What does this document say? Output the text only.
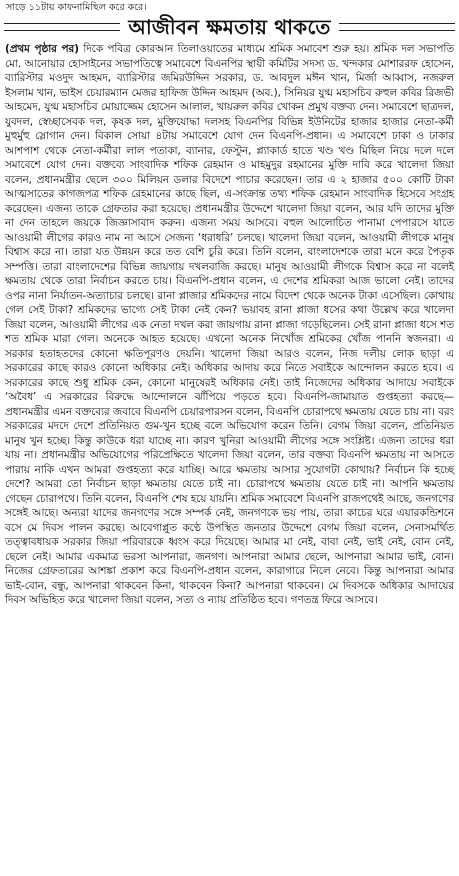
সাড়ে ১১টায় কাফনামিছিল করে করে।
আজীবন ক্ষমতায় থাকতে

(প্রথম পৃষ্ঠার পর) দিকে পবিত্র কোরআন তিলাওয়াতের মাধ্যমে শ্রমিক সমাবেশ শুরু হয়। শ্রমিক দল সভাপতি মো. আনোয়ার হোসাইনের সভাপতিত্বে সমাবেশে বিএনপির স্থায়ী কমিটির সদস্য ড. খন্দকার মোশাররফ হোসেন, ব্যারিস্টার মওদুদ আহমদ, ব্যারিস্টার জমিরউদ্দিন সরকার, ড. আবদুল মঈন খান, মির্জা আব্বাস, নজরুল ইসলাম খান, ভাইস চেয়ারম্যান মেজর হাফিজ উদ্দিন আহমদ (অব.), সিনিয়র যুগ্ম মহাসচিব রুহুল কবির রিজভী আহমেদ, যুগ্ম মহাসচিব মোয়াজ্জেম হোসেন আলাল, খায়রুল কবির খোকন প্রমুখ বক্তব্য দেন। সমাবেশে ছাত্রদল, যুবদল, স্বেচ্ছাসেবক দল, কৃষক দল, মুক্তিযোদ্ধা দলসহ বিএনপির বিভিন্ন ইউনিটের হাজার হাজার নেতা-কর্মী মুহুর্মুহু স্লোগান দেন। বিকাল সোয়া ৪টায় সমাবেশে যোগ দেন বিএনপি-প্রধান। এ সমাবেশে ঢাকা ও ঢাকার আশপাশ থেকে নেতা-কর্মীরা লাল পতাকা, ব্যানার, ফেস্টুন, প্ল্যাকার্ড হাতে খণ্ড খণ্ড মিছিল নিয়ে দলে দলে সমাবেশে যোগ দেন। বক্তব্যে সাংবাদিক শফিক রেহমান ও মাহমুদুর রহমানের মুক্তি দাবি করে খালেদা জিয়া বলেন, প্রধানমন্ত্রীর ছেলে ৩০০ মিলিয়ন ডলার বিদেশে পাচার করেছেন। তার এ ২ হাজার ৫০০ কোটি টাকা আত্মসাতের কাগজপত্র শফিক রেহমানের কাছে ছিল, এ-সংক্রান্ত তথ্য শফিক রেহমান সাংবাদিক হিসেবে সংগ্রহ করেছেন। এজন্য তাকে গ্রেফতার করা হয়েছে। প্রধানমন্ত্রীর উদ্দেশে খালেদা জিয়া বলেন, আর যদি তাদের মুক্তি না দেন তাহলে জয়কে জিজ্ঞাসাবাদ করুন। এজন্য সময় আসবে। বহুল আলোচিত পানামা পেপারসে যাতে আওয়ামী লীগের কারও নাম না আসে সেজন্য ‘ধরাধরি’ চলছে। খালেদা জিয়া বলেন, আওয়ামী লীগকে মানুষ বিশ্বাস করে না। তারা যত উন্নয়ন করে তত বেশি চুরি করে। তিনি বলেন, বাংলাদেশকে তারা মনে করে পৈতৃক সম্পত্তি। তারা বাংলাদেশের বিভিন্ন জায়গায় দখলবাজি করছে। মানুষ আওয়ামী লীগকে বিশ্বাস করে না বলেই ক্ষমতায় থেকে তারা নির্বাচন করতে চায়। বিএনপি-প্রধান বলেন, এ দেশের শ্রমিকরা আজ ভালো নেই। তাদের ওপর নানা নির্যাতন-অত্যাচার চলছে। রানা প্লাজার শ্রমিকদের নামে বিদেশ থেকে অনেক টাকা এসেছিল। কোথায় গেল সেই টাকা? শ্রমিকদের ভাগ্যে সেই টাকা নেই কেন? ভয়াবহ রানা প্লাজা ধসের কথা উল্লেখ করে খালেদা জিয়া বলেন, আওয়ামী লীগের এক নেতা দখল করা জায়গায় রানা প্লাজা গড়েছিলেন। সেই রানা প্লাজা ধসে শত শত শ্রমিক মারা গেল। অনেকে আহত হয়েছে। এখনো অনেক নিখোঁজ শ্রমিকের খোঁজ পাননি স্বজনরা। এ সরকার হতাহতদের কোনো ক্ষতিপূরণও দেয়নি। খালেদা জিয়া আরও বলেন, নিজ দলীয় লোক ছাড়া এ সরকারের কাছে কারও কোনো অধিকার নেই। অধিকার আদায় করে নিতে সবাইকে আন্দোলন করতে হবে। এ সরকারের কাছে শুধু শ্রমিক কেন, কোনো মানুষেরই অধিকার নেই। তাই নিজেদের অধিকার আদায়ে সবাইকে ‘অবৈধ’ এ সরকারের বিরুদ্ধে আন্দোলনে ঝাঁপিয়ে পড়তে হবে। বিএনপি-জামায়াত গুপ্তহত্যা করছে— প্রধানমন্ত্রীর এমন বক্তব্যের জবাবে বিএনপি চেয়ারপারসন বলেন, বিএনপি চোরাপথে ক্ষমতায় যেতে চায় না। বরং সরকারের মদদে দেশে প্রতিনিয়ত গুম-খুন হচ্ছে বলে অভিযোগ করেন তিনি। বেগম জিয়া বলেন, প্রতিনিয়ত মানুষ খুন হচ্ছে। কিন্তু কাউকে ধরা যাচ্ছে না। কারণ খুনিরা আওয়ামী লীগের সঙ্গে সংশ্লিষ্ট। এজন্য তাদের ধরা যায় না। প্রধানমন্ত্রীর অভিযোগের পরিপ্রেক্ষিতে খালেদা জিয়া বলেন, তার বক্তব্য বিএনপি ক্ষমতায় না আসতে পারায় নাকি এখন আমরা গুপ্তহত্যা করে যাচ্ছি। আরে ক্ষমতায় আসার সুযোগটা কোথায়? নির্বাচন কি হচ্ছে দেশে? আমরা তো নির্বাচন ছাড়া ক্ষমতায় যেতে চাই না। চোরাপথে ক্ষমতায় যেতে চাই না। আপনি ক্ষমতায় গেছেন চোরাপথে। তিনি বলেন, বিএনপি শেষ হয়ে যায়নি। শ্রমিক সমাবেশে বিএনপি রাজপথেই আছে, জনগণের সঙ্গেই আছে। অন্যরা যাদের জনগণের সঙ্গে সম্পর্ক নেই, জনগণকে ভয় পায়, তারা কাচের ঘরে এয়ারকন্ডিশনে বসে মে দিবস পালন করছে। আবেগাপ্লুত কণ্ঠে উপস্থিত জনতার উদ্দেশে বেগম জিয়া বলেন, সেনাসমর্থিত তত্ত্বাবধায়ক সরকার জিয়া পরিবারকে ধ্বংস করে দিয়েছে। আমার মা নেই, বাবা নেই, ভাই নেই, বোন নেই, ছেলে নেই। আমার একমাত্র ভরসা আপনারা, জনগণ। আপনারা আমার ছেলে, আপনারা আমার ভাই, বোন। নিজের গ্রেফতারের আশঙ্কা প্রকাশ করে বিএনপি-প্রধান বলেন, কারাগারে নিলে নেবে। কিন্তু আপনারা আমার ভাই-বোন, বন্ধু, আপনারা থাকবেন কিনা, থাকবেন কিনা? আপনারা থাকবেন। মে দিবসকে অধিকার আদায়ের দিবস অভিহিত করে খালেদা জিয়া বলেন, সত্য ও ন্যায় প্রতিষ্ঠিত হবে। গণতন্ত্র ফিরে আসবে।
